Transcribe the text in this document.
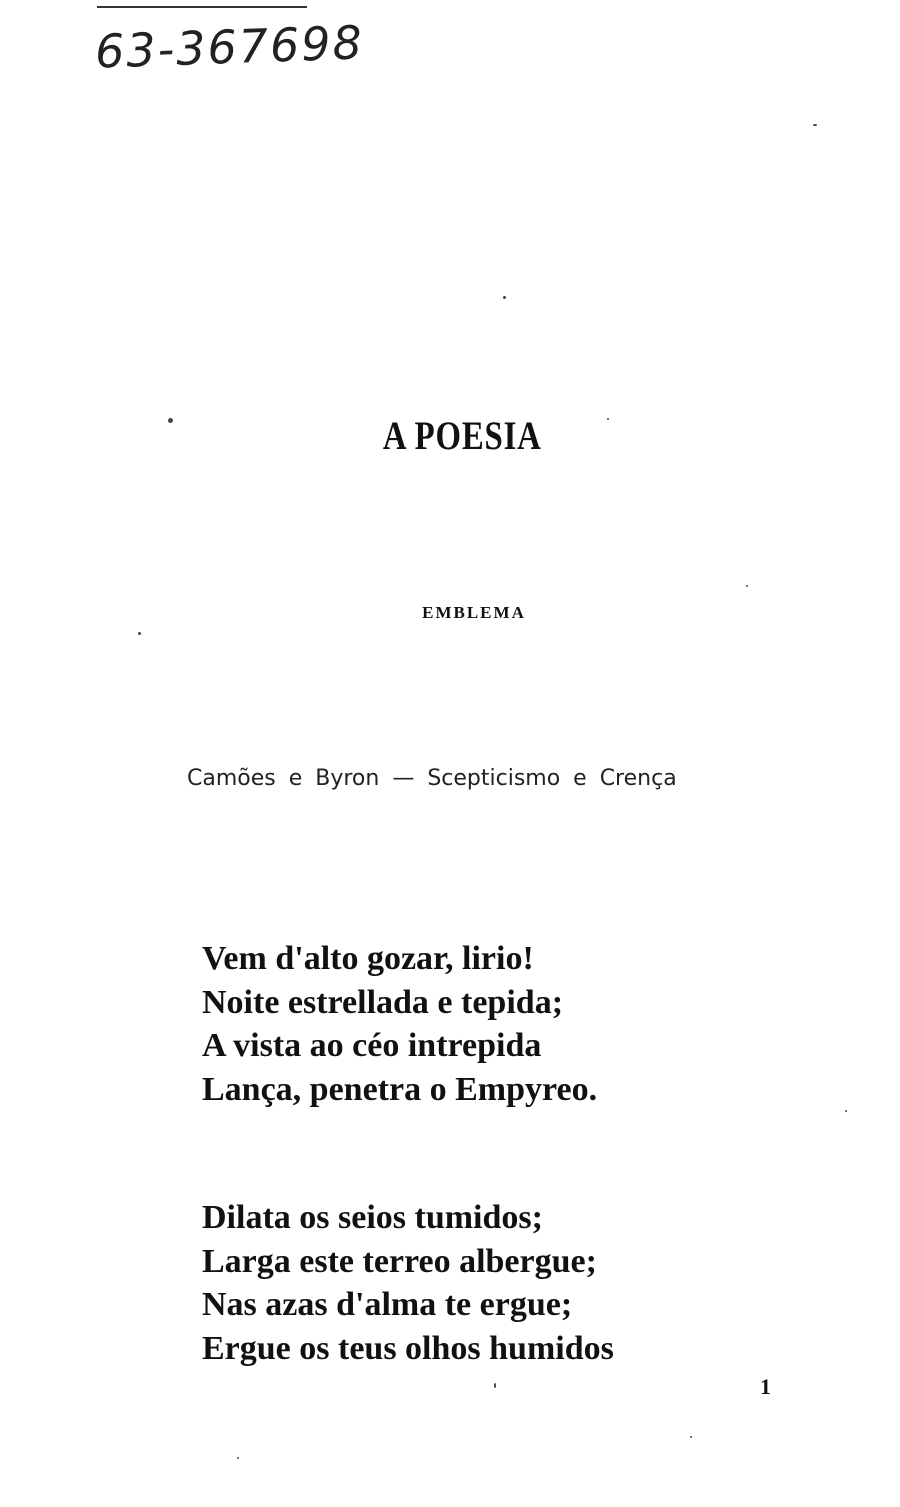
63-367698
A POESIA
EMBLEMA
Camões e Byron — Scepticismo e Crença
Vem d'alto gozar, lirio!
Noite estrellada e tepida;
A vista ao céo intrepida
Lança, penetra o Empyreo.
Dilata os seios tumidos;
Larga este terreo albergue;
Nas azas d'alma te ergue;
Ergue os teus olhos humidos
1
